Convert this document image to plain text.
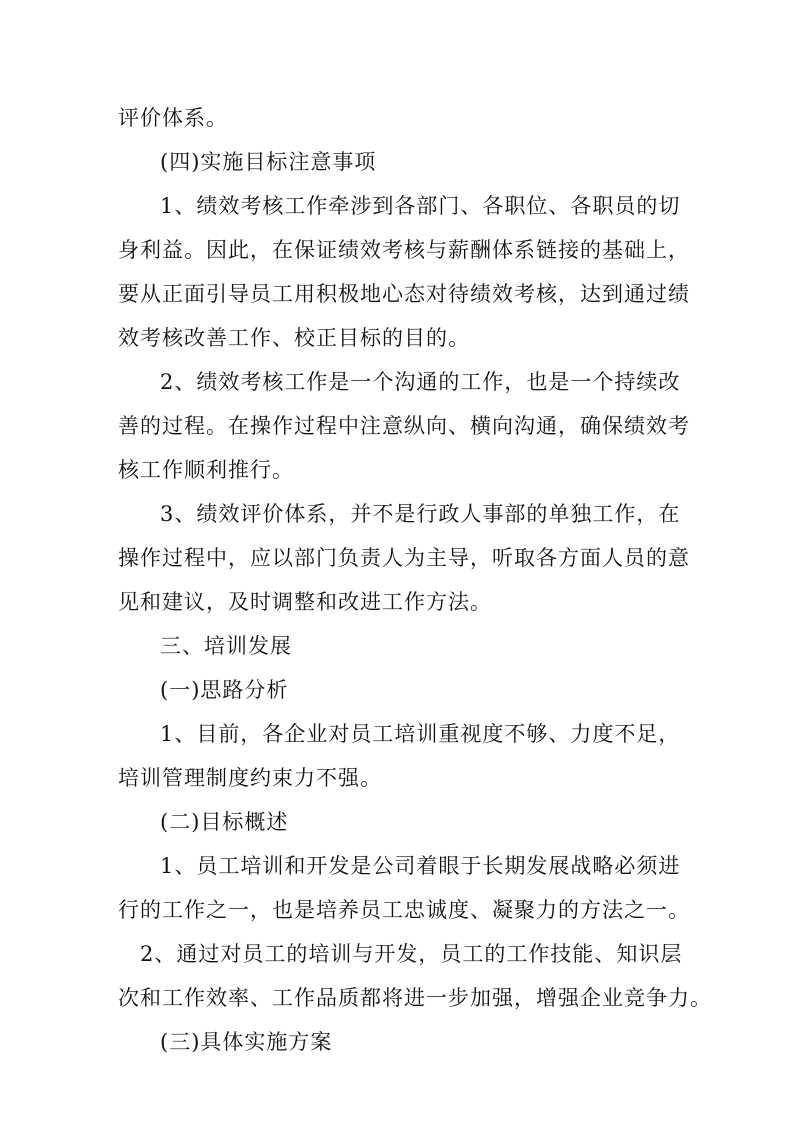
评价体系。
(四)实施目标注意事项
1、绩效考核工作牵涉到各部门、各职位、各职员的切
身利益。因此，在保证绩效考核与薪酬体系链接的基础上，
要从正面引导员工用积极地心态对待绩效考核，达到通过绩
效考核改善工作、校正目标的目的。
2、绩效考核工作是一个沟通的工作，也是一个持续改
善的过程。在操作过程中注意纵向、横向沟通，确保绩效考
核工作顺利推行。
3、绩效评价体系，并不是行政人事部的单独工作，在
操作过程中，应以部门负责人为主导，听取各方面人员的意
见和建议，及时调整和改进工作方法。
三、培训发展
(一)思路分析
1、目前，各企业对员工培训重视度不够、力度不足，
培训管理制度约束力不强。
(二)目标概述
1、员工培训和开发是公司着眼于长期发展战略必须进
行的工作之一，也是培养员工忠诚度、凝聚力的方法之一。
2、通过对员工的培训与开发，员工的工作技能、知识层
次和工作效率、工作品质都将进一步加强，增强企业竞争力。
(三)具体实施方案
